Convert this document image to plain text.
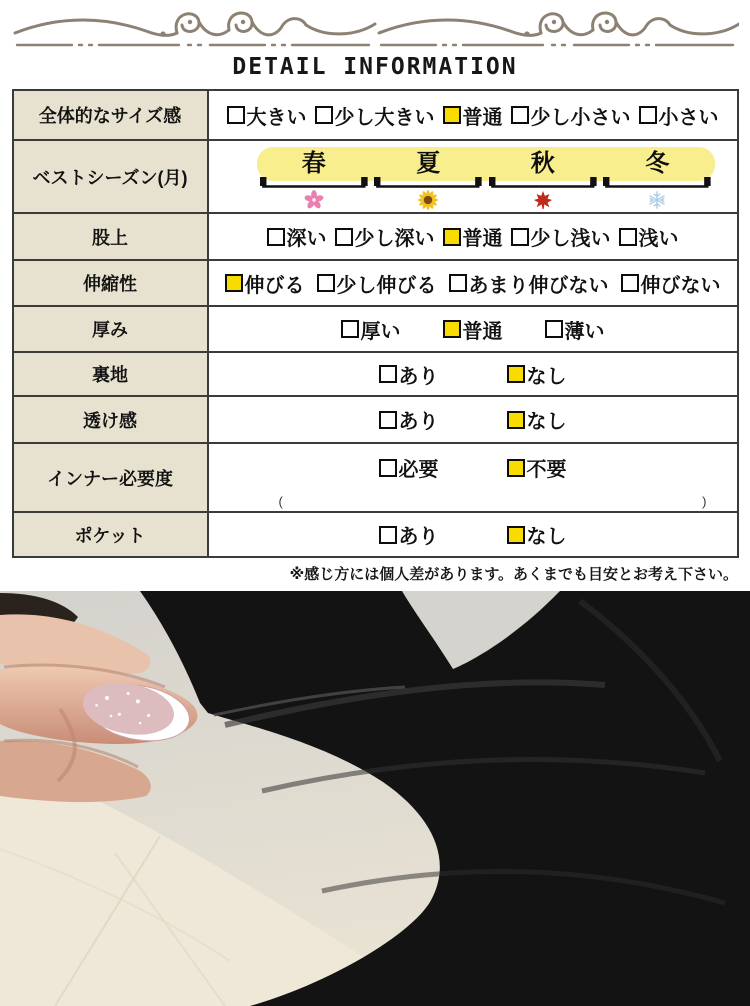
DETAIL INFORMATION
全体的なサイズ感	大きい 少し大きい 普通 少し小さい 小さい
ベストシーズン(月)
春	夏	秋	冬
股上	深い 少し深い 普通 少し浅い 浅い
伸縮性	伸びる 少し伸びる あまり伸びない 伸びない
厚み	厚い	普通	薄い
裏地	あり	なし
透け感	あり	なし
インナー必要度	必要	不要
(	)
ポケット	あり	なし
※感じ方には個人差があります。あくまでも目安とお考え下さい。
